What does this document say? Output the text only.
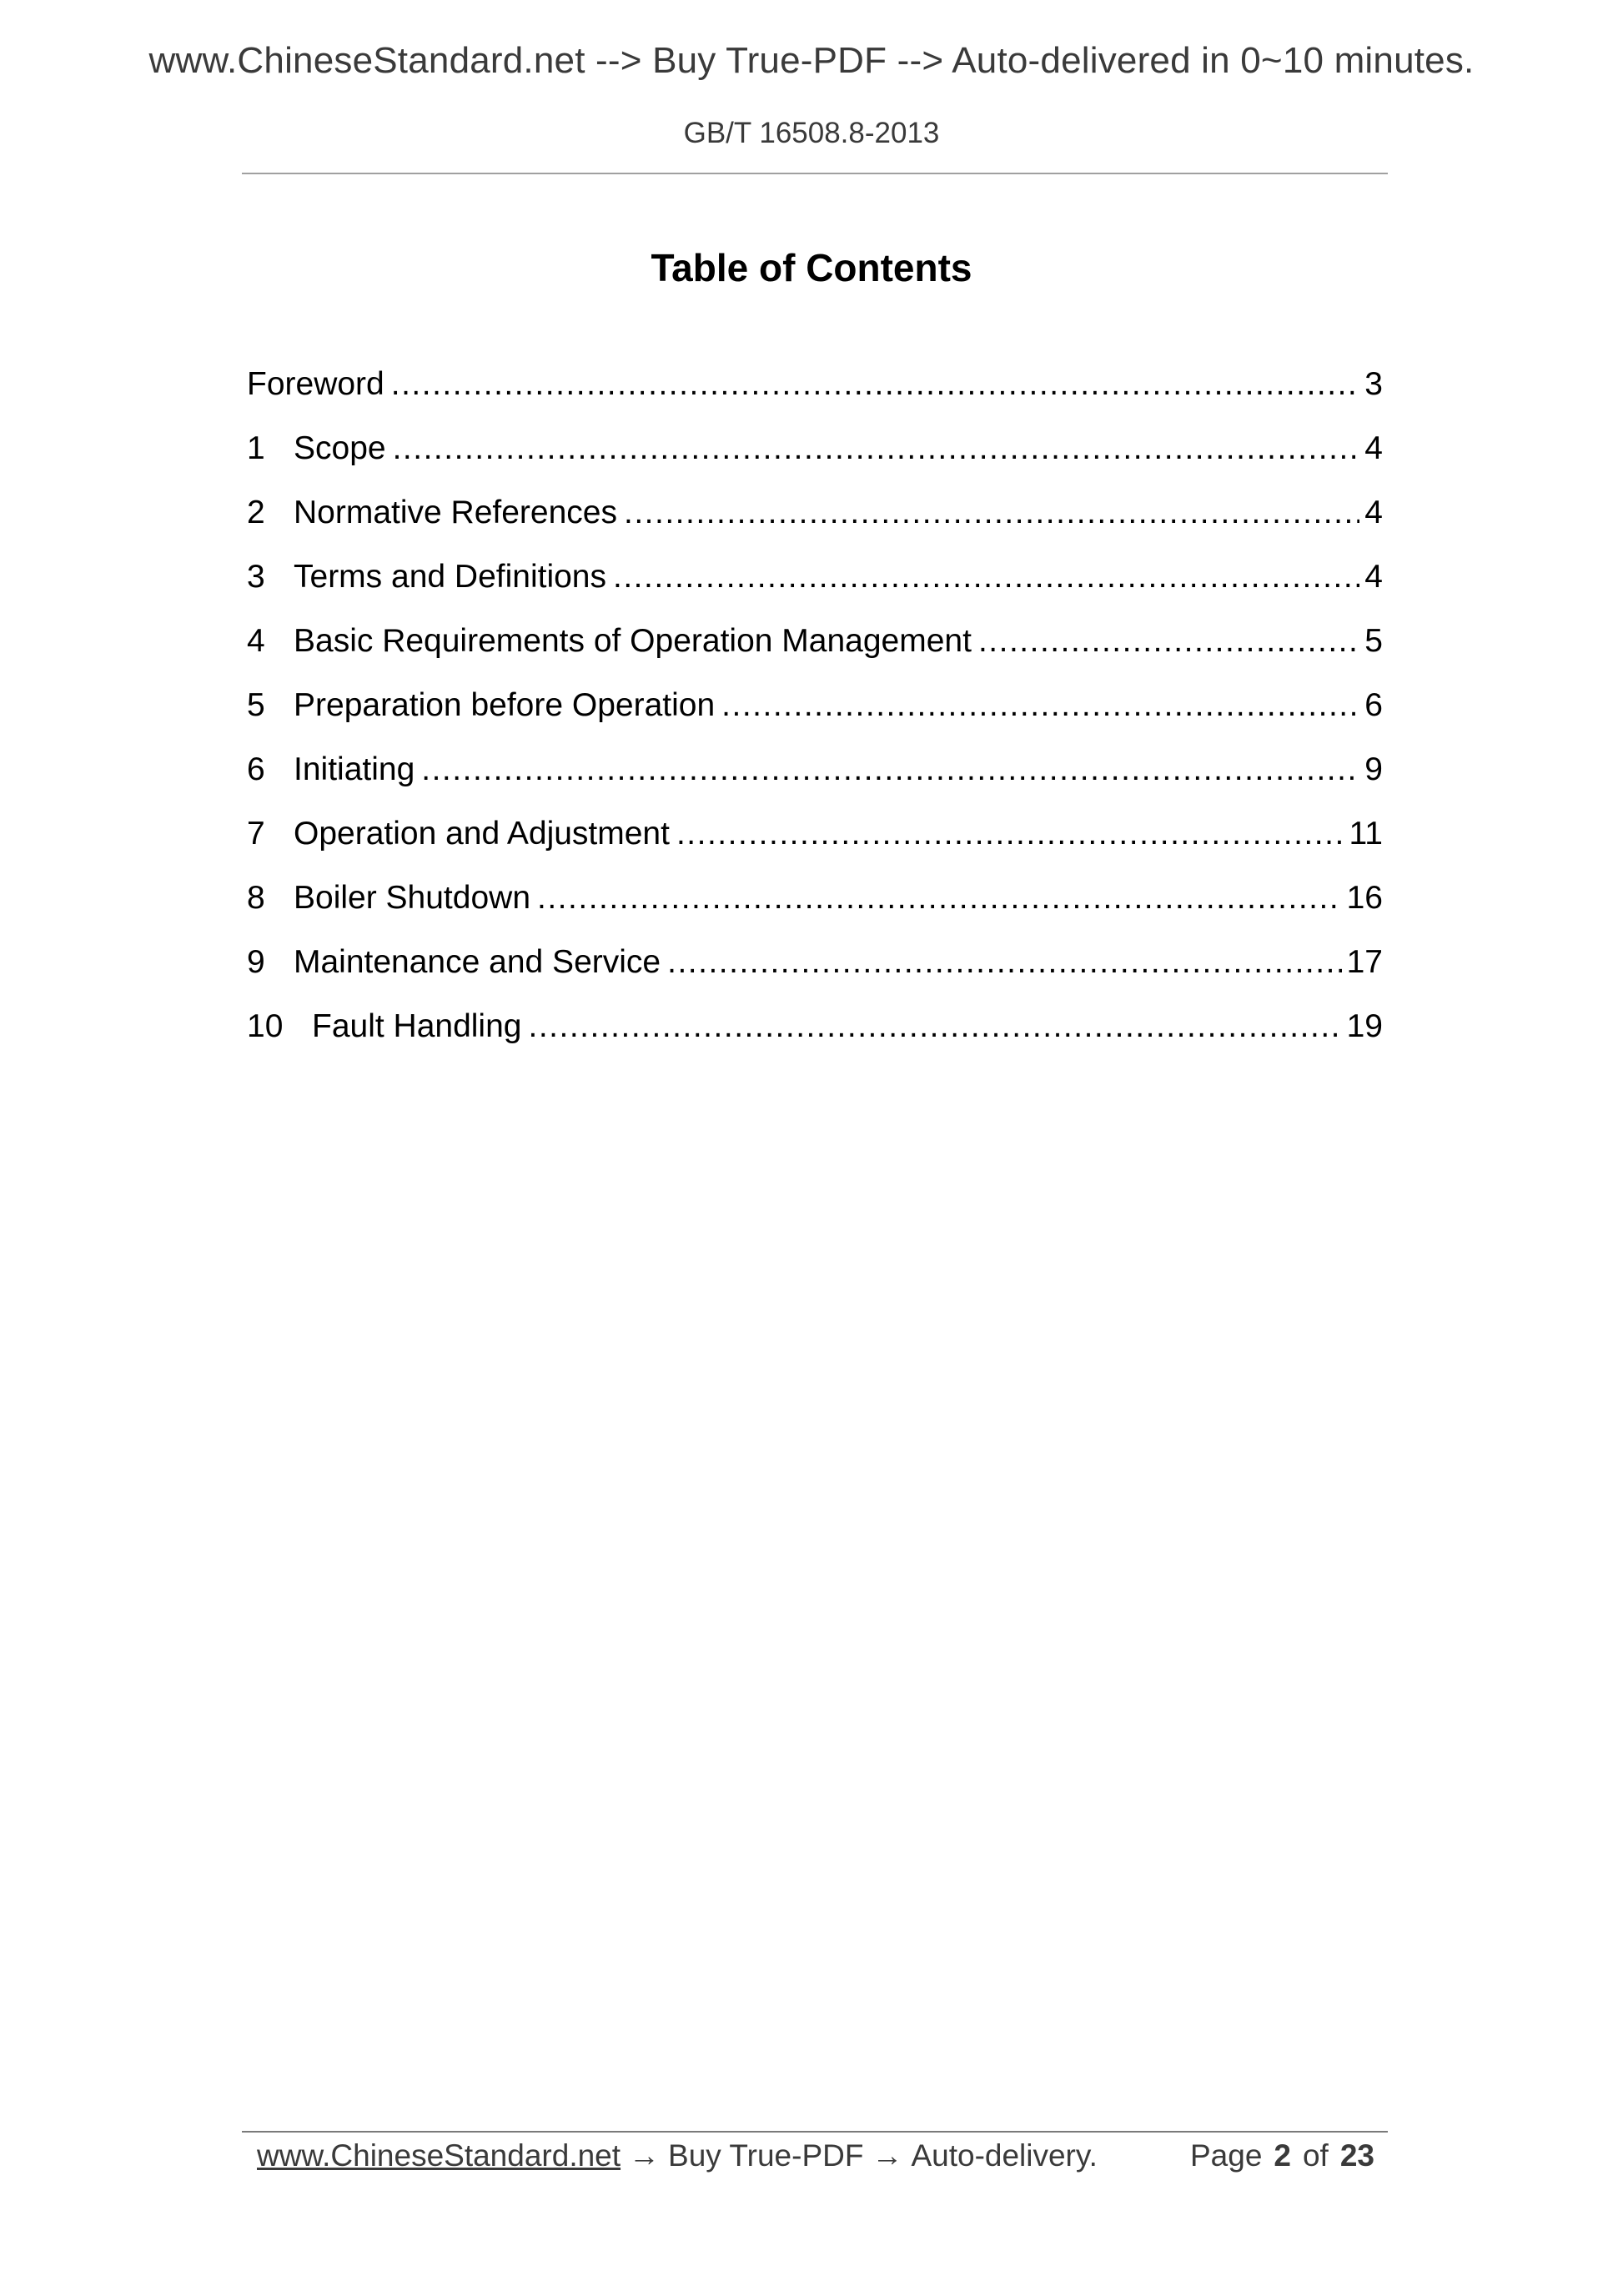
www.ChineseStandard.net --> Buy True-PDF --> Auto-delivered in 0~10 minutes.
GB/T 16508.8-2013
Table of Contents
Foreword .....	3
1 Scope .....	4
2 Normative References .....	4
3 Terms and Definitions .....	4
4 Basic Requirements of Operation Management .....	5
5 Preparation before Operation .....	6
6 Initiating .....	9
7 Operation and Adjustment .....	11
8 Boiler Shutdown .....	16
9 Maintenance and Service .....	17
10 Fault Handling .....	19
www.ChineseStandard.net → Buy True-PDF → Auto-delivery.	Page 2 of 23
